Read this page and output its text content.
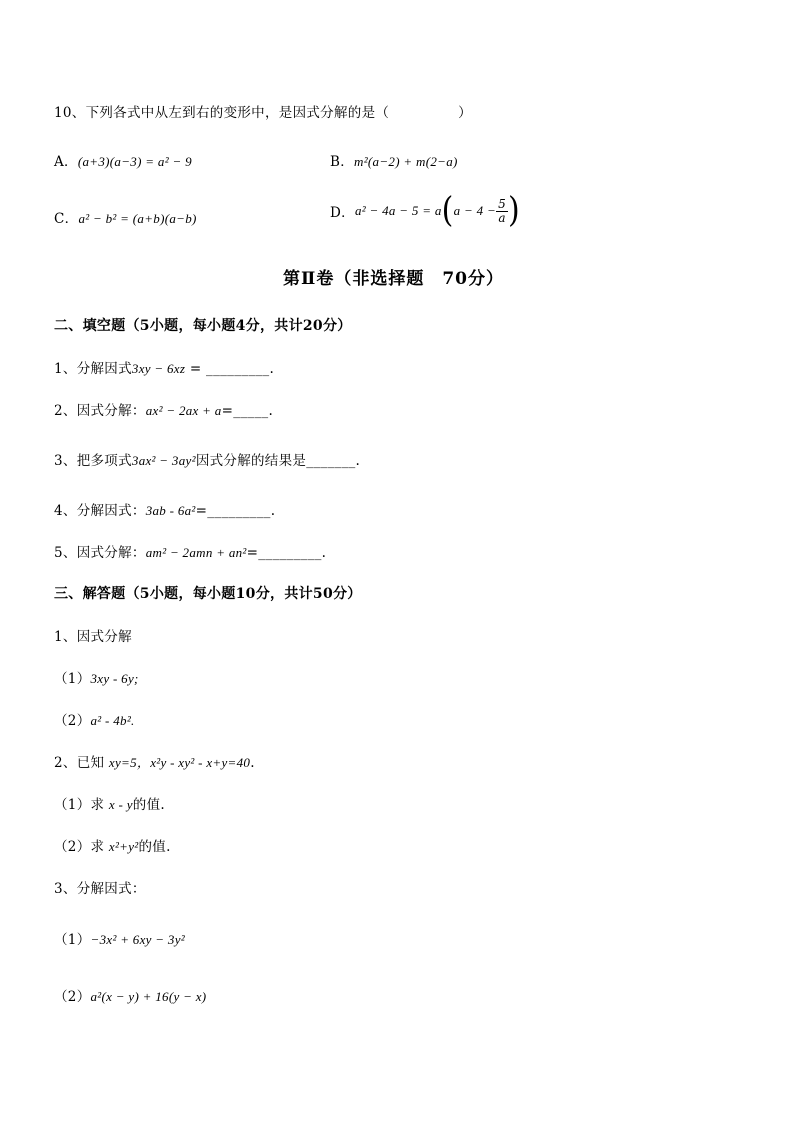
10、下列各式中从左到右的变形中，是因式分解的是（　　　　　）
A．(a+3)(a−3) = a² − 9	B．m²(a−2) + m(2−a)
C．a² − b² = (a+b)(a−b)	D．$a^2 - 4a - 5 = a(a - 4 - \frac{5}{a}$ )
第Ⅱ卷（非选择题　70分）
二、填空题（5小题，每小题4分，共计20分）
1、分解因式3xy − 6xz = _________.
2、因式分解：ax² − 2ax + a=_____.
3、把多项式3ax² − 3ay²因式分解的结果是_______.
4、分解因式：3ab - 6a²=_________.
5、因式分解：am² − 2amn + an²=_________.
三、解答题（5小题，每小题10分，共计50分）
1、因式分解
（1）3xy - 6y;
（2）a² - 4b².
2、已知 xy=5，x²y - xy² - x+y=40.
（1）求 x - y的值.
（2）求 x²+y²的值.
3、分解因式：
（1）−3x² + 6xy − 3y²
（2）a²(x − y) + 16(y − x)
